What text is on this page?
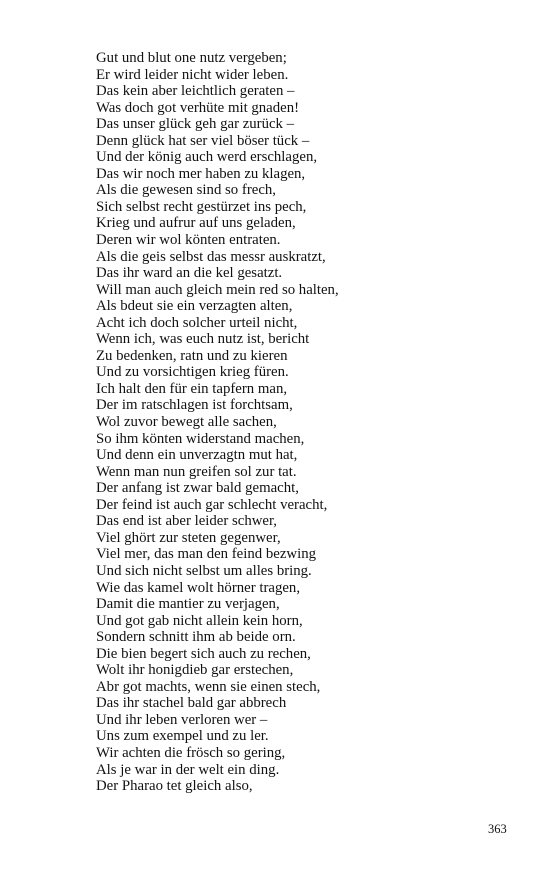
Gut und blut one nutz vergeben;
Er wird leider nicht wider leben.
Das kein aber leichtlich geraten –
Was doch got verhüte mit gnaden!
Das unser glück geh gar zurück –
Denn glück hat ser viel böser tück –
Und der könig auch werd erschlagen,
Das wir noch mer haben zu klagen,
Als die gewesen sind so frech,
Sich selbst recht gestürzet ins pech,
Krieg und aufrur auf uns geladen,
Deren wir wol könten entraten.
Als die geis selbst das messr auskratzt,
Das ihr ward an die kel gesatzt.
Will man auch gleich mein red so halten,
Als bdeut sie ein verzagten alten,
Acht ich doch solcher urteil nicht,
Wenn ich, was euch nutz ist, bericht
Zu bedenken, ratn und zu kieren
Und zu vorsichtigen krieg füren.
Ich halt den für ein tapfern man,
Der im ratschlagen ist forchtsam,
Wol zuvor bewegt alle sachen,
So ihm könten widerstand machen,
Und denn ein unverzagtn mut hat,
Wenn man nun greifen sol zur tat.
Der anfang ist zwar bald gemacht,
Der feind ist auch gar schlecht veracht,
Das end ist aber leider schwer,
Viel ghört zur steten gegenwer,
Viel mer, das man den feind bezwing
Und sich nicht selbst um alles bring.
Wie das kamel wolt hörner tragen,
Damit die mantier zu verjagen,
Und got gab nicht allein kein horn,
Sondern schnitt ihm ab beide orn.
Die bien begert sich auch zu rechen,
Wolt ihr honigdieb gar erstechen,
Abr got machts, wenn sie einen stech,
Das ihr stachel bald gar abbrech
Und ihr leben verloren wer –
Uns zum exempel und zu ler.
Wir achten die frösch so gering,
Als je war in der welt ein ding.
Der Pharao tet gleich also,
363
